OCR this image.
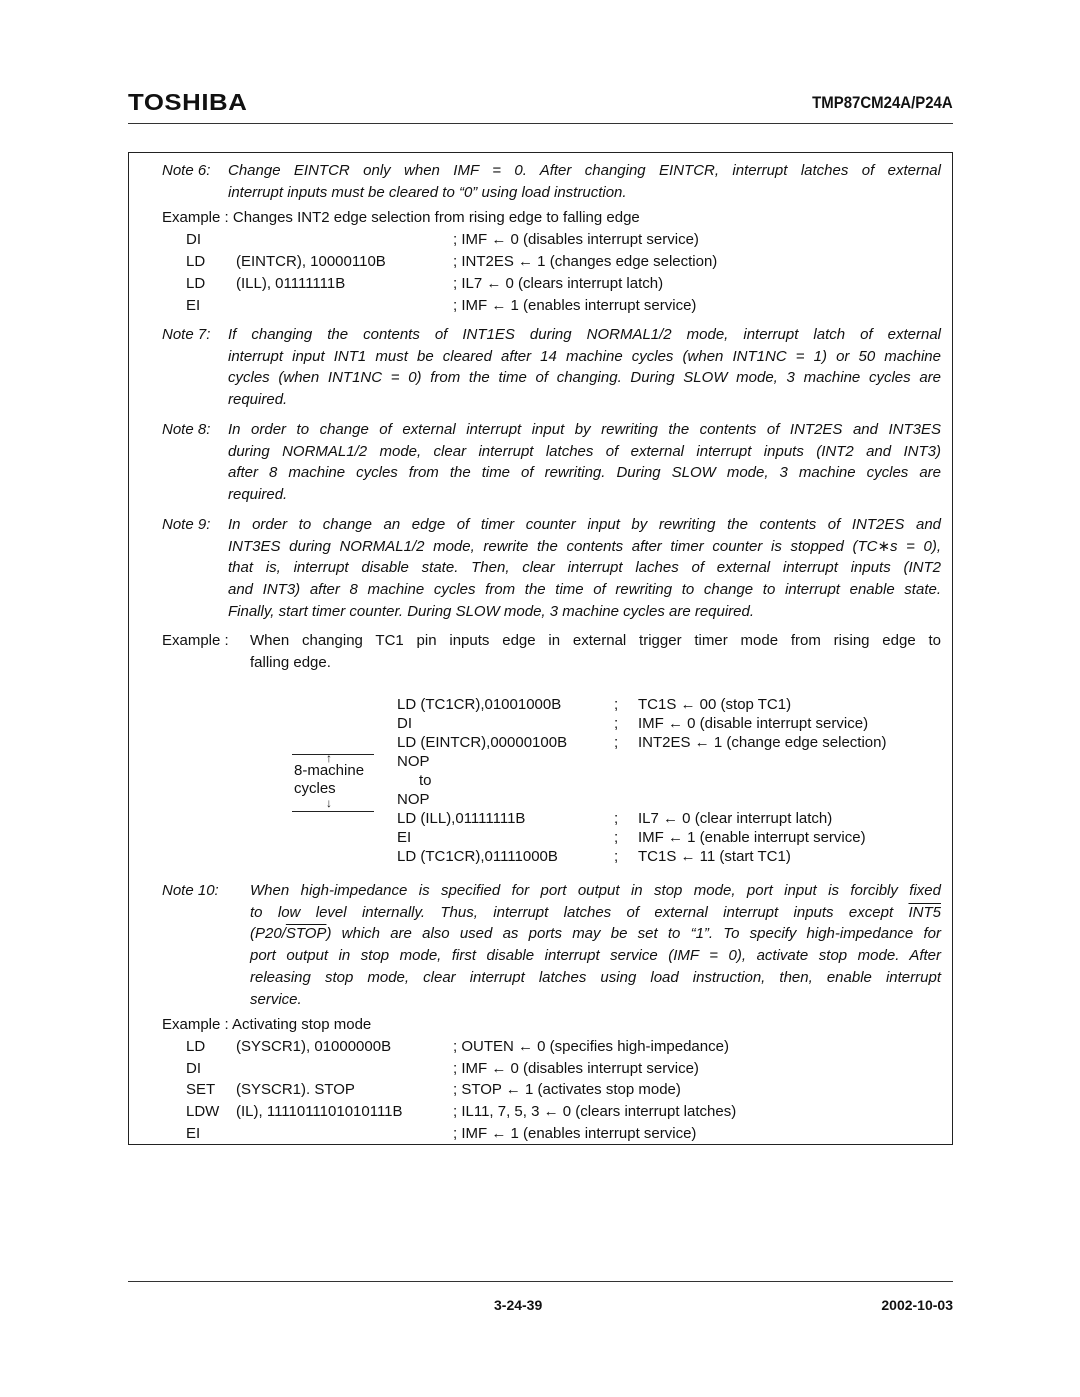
TOSHIBA	TMP87CM24A/P24A
Note 6: Change EINTCR only when IMF = 0. After changing EINTCR, interrupt latches of external
interrupt inputs must be cleared to “0” using load instruction.
Example : Changes INT2 edge selection from rising edge to falling edge
DI	; IMF ← 0 (disables interrupt service)
LD (EINTCR), 10000110B	; INT2ES ← 1 (changes edge selection)
LD (ILL), 01111111B	; IL7 ← 0 (clears interrupt latch)
EI	; IMF ← 1 (enables interrupt service)
Note 7: If changing the contents of INT1ES during NORMAL1/2 mode, interrupt latch of external
interrupt input INT1 must be cleared after 14 machine cycles (when INT1NC = 1) or 50 machine
cycles (when INT1NC = 0) from the time of changing. During SLOW mode, 3 machine cycles are
required.
Note 8: In order to change of external interrupt input by rewriting the contents of INT2ES and INT3ES
during NORMAL1/2 mode, clear interrupt latches of external interrupt inputs (INT2 and INT3)
after 8 machine cycles from the time of rewriting. During SLOW mode, 3 machine cycles are
required.
Note 9: In order to change an edge of timer counter input by rewriting the contents of INT2ES and
INT3ES during NORMAL1/2 mode, rewrite the contents after timer counter is stopped (TC∗s = 0),
that is, interrupt disable state. Then, clear interrupt laches of external interrupt inputs (INT2
and INT3) after 8 machine cycles from the time of rewriting to change to interrupt enable state.
Finally, start timer counter. During SLOW mode, 3 machine cycles are required.
Example : When changing TC1 pin inputs edge in external trigger timer mode from rising edge to
falling edge.
LD (TC1CR),01001000B	; TC1S ← 00 (stop TC1)
DI	; IMF ← 0 (disable interrupt service)
LD (EINTCR),00000100B	; INT2ES ← 1 (change edge selection)
NOP
to
NOP
LD (ILL),01111111B	; IL7 ← 0 (clear interrupt latch)
EI	; IMF ← 1 (enable interrupt service)
LD (TC1CR),01111000B	; TC1S ← 11 (start TC1)
↑
8-machine
cycles
↓
Note 10: When high-impedance is specified for port output in stop mode, port input is forcibly fixed
to low level internally. Thus, interrupt latches of external interrupt inputs except INT5
(P20/STOP) which are also used as ports may be set to “1”. To specify high-impedance for
port output in stop mode, first disable interrupt service (IMF = 0), activate stop mode. After
releasing stop mode, clear interrupt latches using load instruction, then, enable interrupt
service.
Example : Activating stop mode
LD (SYSCR1), 01000000B	; OUTEN ← 0 (specifies high-impedance)
DI	; IMF ← 0 (disables interrupt service)
SET (SYSCR1). STOP	; STOP ← 1 (activates stop mode)
LDW (IL), 1111011101010111B	; IL11, 7, 5, 3 ← 0 (clears interrupt latches)
EI	; IMF ← 1 (enables interrupt service)
3-24-39	2002-10-03
